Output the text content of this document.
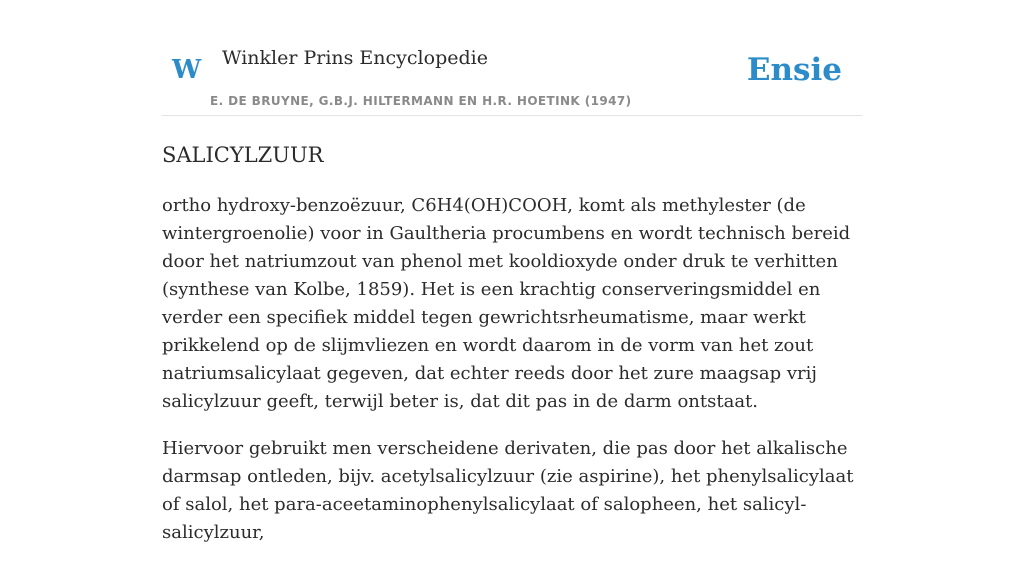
W Winkler Prins Encyclopedie
E. DE BRUYNE, G.B.J. HILTERMANN EN H.R. HOETINK (1947)
Ensie
SALICYLZUUR

ortho hydroxy-benzoëzuur, C6H4(OH)COOH, komt als methylester (de wintergroenolie) voor in Gaultheria procumbens en wordt technisch bereid door het natriumzout van phenol met kooldioxyde onder druk te verhitten (synthese van Kolbe, 1859). Het is een krachtig conserveringsmiddel en verder een specifiek middel tegen gewrichtsrheumatisme, maar werkt prikkelend op de slijmvliezen en wordt daarom in de vorm van het zout natriumsalicylaat gegeven, dat echter reeds door het zure maagsap vrij salicylzuur geeft, terwijl beter is, dat dit pas in de darm ontstaat.

Hiervoor gebruikt men verscheidene derivaten, die pas door het alkalische darmsap ontleden, bijv. acetylsalicylzuur (zie aspirine), het phenylsalicylaat of salol, het para-aceetaminophenylsalicylaat of salopheen, het salicyl-salicylzuur,
